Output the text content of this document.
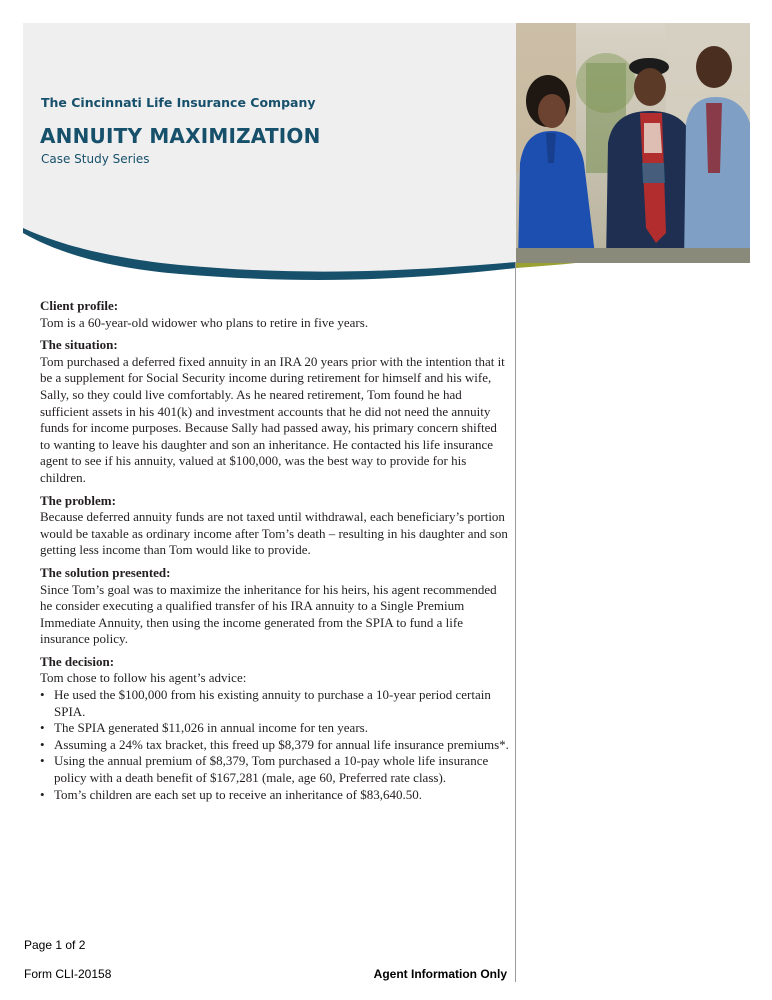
The Cincinnati Life Insurance Company

ANNUITY MAXIMIZATION

Case Study Series

Client profile:

Tom is a 60-year-old widower who plans to retire in five years.

The situation:

Tom purchased a deferred fixed annuity in an IRA 20 years prior with the intention that it be a supplement for Social Security income during retirement for himself and his wife, Sally, so they could live comfortably. As he neared retirement, Tom found he had sufficient assets in his 401(k) and investment accounts that he did not need the annuity funds for income purposes. Because Sally had passed away, his primary concern shifted to wanting to leave his daughter and son an inheritance. He contacted his life insurance agent to see if his annuity, valued at $100,000, was the best way to provide for his children.

The problem:

Because deferred annuity funds are not taxed until withdrawal, each beneficiary’s portion would be taxable as ordinary income after Tom’s death – resulting in his daughter and son getting less income than Tom would like to provide.

The solution presented:

Since Tom’s goal was to maximize the inheritance for his heirs, his agent recommended he consider executing a qualified transfer of his IRA annuity to a Single Premium Immediate Annuity, then using the income generated from the SPIA to fund a life insurance policy.

The decision:

Tom chose to follow his agent’s advice:

• He used the $100,000 from his existing annuity to purchase a 10-year period certain SPIA.
• The SPIA generated $11,026 in annual income for ten years.
• Assuming a 24% tax bracket, this freed up $8,379 for annual life insurance premiums*.
• Using the annual premium of $8,379, Tom purchased a 10-pay whole life insurance policy with a death benefit of $167,281 (male, age 60, Preferred rate class).
• Tom’s children are each set up to receive an inheritance of $83,640.50.

Page 1 of 2

Form CLI-20158	Agent Information Only
